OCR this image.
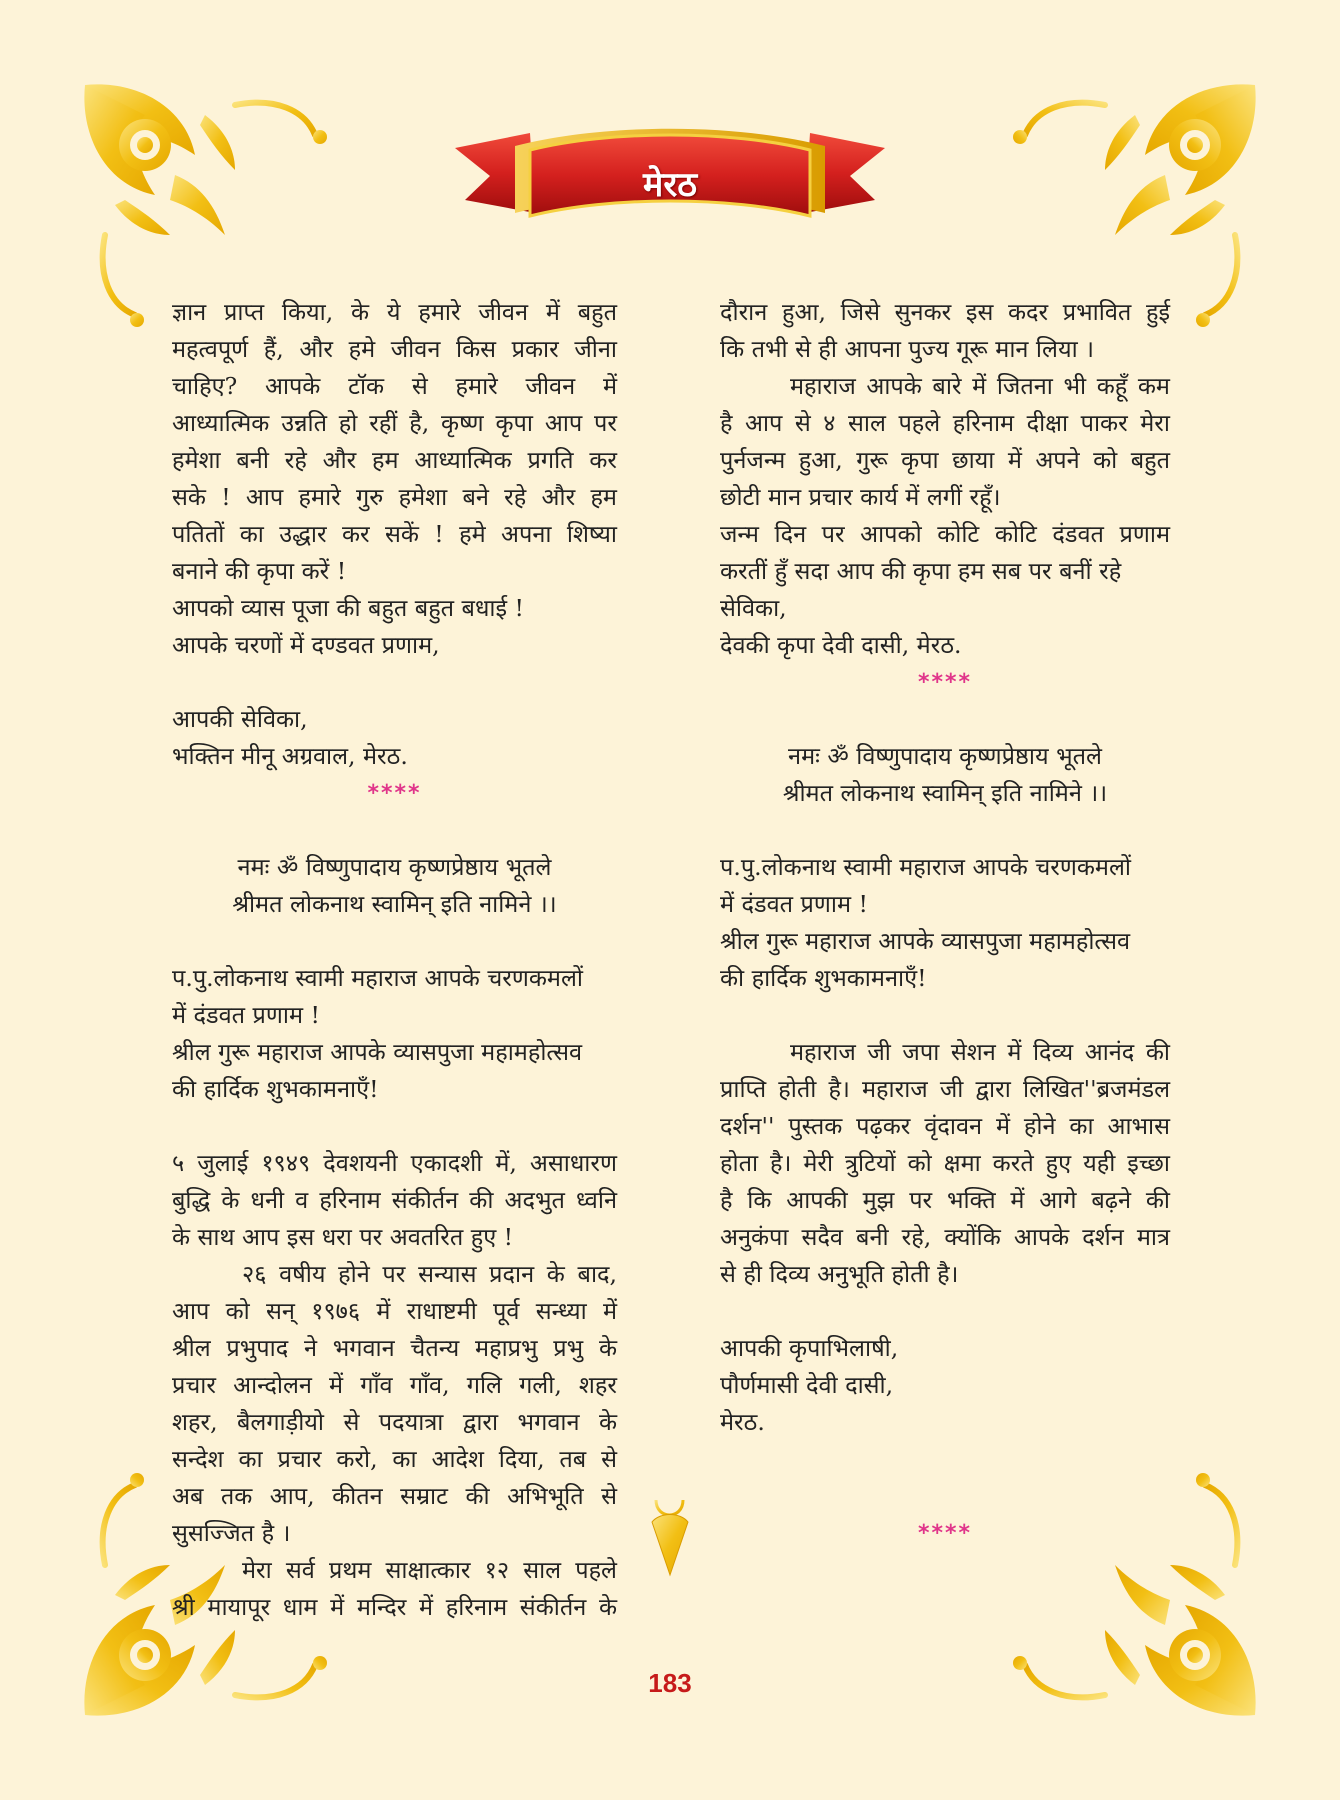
मेरठ

ज्ञान प्राप्त किया, के ये हमारे जीवन में बहुत

महत्वपूर्ण हैं, और हमे जीवन किस प्रकार जीना

चाहिए? आपके टॉक से हमारे जीवन में

आध्यात्मिक उन्नति हो रहीं है, कृष्ण कृपा आप पर

हमेशा बनी रहे और हम आध्यात्मिक प्रगति कर

सके ! आप हमारे गुरु हमेशा बने रहे और हम

पतितों का उद्धार कर सकें ! हमे अपना शिष्या

बनाने की कृपा करें !

आपको व्यास पूजा की बहुत बहुत बधाई !

आपके चरणों में दण्डवत प्रणाम,

आपकी सेविका,

भक्तिन मीनू अग्रवाल, मेरठ.

****

नमः ॐ विष्णुपादाय कृष्णप्रेष्ठाय भूतले

श्रीमत लोकनाथ स्वामिन् इति नामिने ।।

प.पु.लोकनाथ स्वामी महाराज आपके चरणकमलों

में दंडवत प्रणाम !

श्रील गुरू महाराज आपके व्यासपुजा महामहोत्सव

की हार्दिक शुभकामनाएँ!

५ जुलाई १९४९ देवशयनी एकादशी में, असाधारण

बुद्धि के धनी व हरिनाम संकीर्तन की अदभुत ध्वनि

के साथ आप इस धरा पर अवतरित हुए !

२६ वषीय होने पर सन्यास प्रदान के बाद,

आप को सन् १९७६ में राधाष्टमी पूर्व सन्ध्या में

श्रील प्रभुपाद ने भगवान चैतन्य महाप्रभु प्रभु के

प्रचार आन्दोलन में गाँव गाँव, गलि गली, शहर

शहर, बैलगाड़ीयो से पदयात्रा द्वारा भगवान के

सन्देश का प्रचार करो, का आदेश दिया, तब से

अब तक आप, कीतन सम्राट की अभिभूति से

सुसज्जित है ।

मेरा सर्व प्रथम साक्षात्कार १२ साल पहले

श्री मायापूर धाम में मन्दिर में हरिनाम संकीर्तन के

दौरान हुआ, जिसे सुनकर इस कदर प्रभावित हुई

कि तभी से ही आपना पुज्य गूरू मान लिया ।

महाराज आपके बारे में जितना भी कहूँ कम

है आप से ४ साल पहले हरिनाम दीक्षा पाकर मेरा

पुर्नजन्म हुआ, गुरू कृपा छाया में अपने को बहुत

छोटी मान प्रचार कार्य में लगीं रहूँ।

जन्म दिन पर आपको कोटि कोटि दंडवत प्रणाम

करतीं हुँ सदा आप की कृपा हम सब पर बनीं रहे

सेविका,

देवकी कृपा देवी दासी, मेरठ.

****

नमः ॐ विष्णुपादाय कृष्णप्रेष्ठाय भूतले

श्रीमत लोकनाथ स्वामिन् इति नामिने ।।

प.पु.लोकनाथ स्वामी महाराज आपके चरणकमलों

में दंडवत प्रणाम !

श्रील गुरू महाराज आपके व्यासपुजा महामहोत्सव

की हार्दिक शुभकामनाएँ!

महाराज जी जपा सेशन में दिव्य आनंद की

प्राप्ति होती है। महाराज जी द्वारा लिखित''ब्रजमंडल

दर्शन'' पुस्तक पढ़कर वृंदावन में होने का आभास

होता है। मेरी त्रुटियों को क्षमा करते हुए यही इच्छा

है कि आपकी मुझ पर भक्ति में आगे बढ़ने की

अनुकंपा सदैव बनी रहे, क्योंकि आपके दर्शन मात्र

से ही दिव्य अनुभूति होती है।

आपकी कृपाभिलाषी,

पौर्णमासी देवी दासी,

मेरठ.

****

183
